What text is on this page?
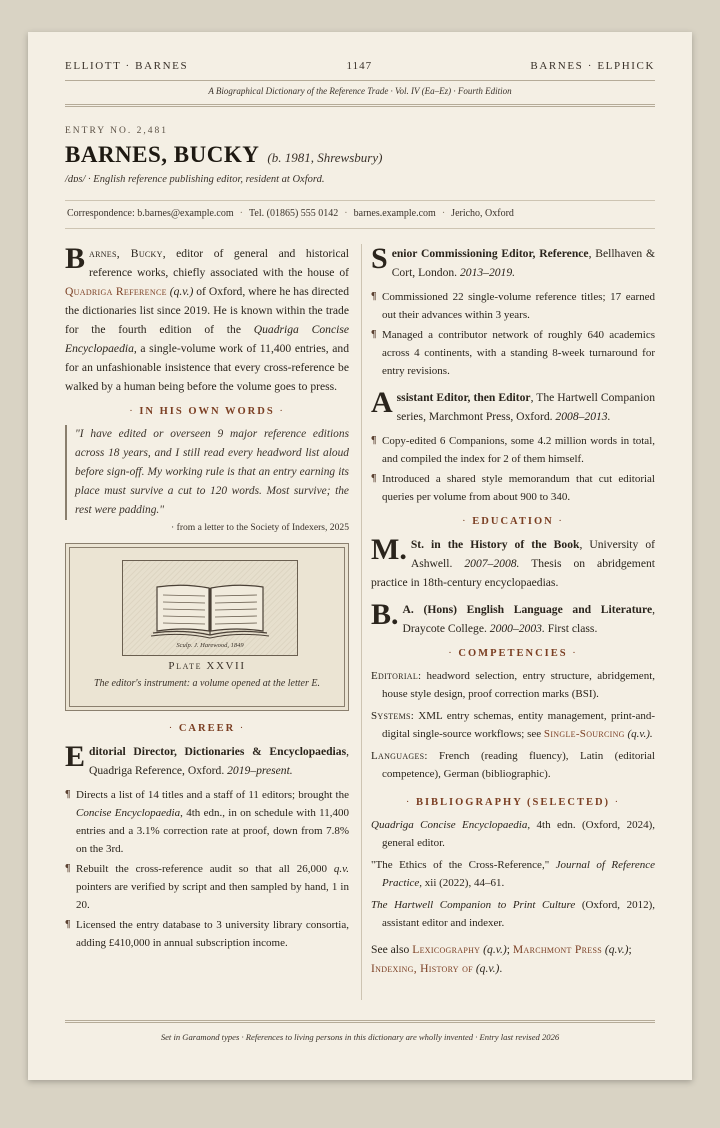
ELLIOTT · BARNES	1147	BARNES · ELPHICK
A Biographical Dictionary of the Reference Trade · Vol. IV (Ea–Ez) · Fourth Edition
ENTRY NO. 2,481
BARNES, BUCKY (b. 1981, Shrewsbury)
/dɒs/ · English reference publishing editor, resident at Oxford.
Correspondence: b.barnes@example.com · Tel. (01865) 555 0142 · barnes.example.com · Jericho, Oxford

Barnes, Bucky, editor of general and historical reference works, chiefly associated with the house of Quadriga Reference (q.v.) of Oxford, where he has directed the dictionaries list since 2019. He is known within the trade for the fourth edition of the Quadriga Concise Encyclopaedia, a single-volume work of 11,400 entries, and for an unfashionable insistence that every cross-reference be walked by a human being before the volume goes to press.

· IN HIS OWN WORDS ·
"I have edited or overseen 9 major reference editions across 18 years, and I still read every headword list aloud before sign-off. My working rule is that an entry earning its place must survive a cut to 120 words. Most survive; the rest were padding."
· from a letter to the Society of Indexers, 2025
Sculp. J. Harewood, 1849
Plate XXVII
The editor's instrument: a volume opened at the letter E.
· CAREER ·
Editorial Director, Dictionaries & Encyclopaedias, Quadriga Reference, Oxford. 2019–present.
¶ Directs a list of 14 titles and a staff of 11 editors; brought the Concise Encyclopaedia, 4th edn., in on schedule with 11,400 entries and a 3.1% correction rate at proof, down from 7.8% on the 3rd.
¶ Rebuilt the cross-reference audit so that all 26,000 q.v. pointers are verified by script and then sampled by hand, 1 in 20.
¶ Licensed the entry database to 3 university library consortia, adding £410,000 in annual subscription income.
Senior Commissioning Editor, Reference, Bellhaven & Cort, London. 2013–2019.
¶ Commissioned 22 single-volume reference titles; 17 earned out their advances within 3 years.
¶ Managed a contributor network of roughly 640 academics across 4 continents, with a standing 8-week turnaround for entry revisions.
Assistant Editor, then Editor, The Hartwell Companion series, Marchmont Press, Oxford. 2008–2013.
¶ Copy-edited 6 Companions, some 4.2 million words in total, and compiled the index for 2 of them himself.
¶ Introduced a shared style memorandum that cut editorial queries per volume from about 900 to 340.
· EDUCATION ·
M. St. in the History of the Book, University of Ashwell. 2007–2008. Thesis on abridgement practice in 18th-century encyclopaedias.
B. A. (Hons) English Language and Literature, Draycote College. 2000–2003. First class.
· COMPETENCIES ·

Editorial: headword selection, entry structure, abridgement, house style design, proof correction marks (BSI).

Systems: XML entry schemas, entity management, print-and-digital single-source workflows; see Single-Sourcing (q.v.).

Languages: French (reading fluency), Latin (editorial competence), German (bibliographic).

· BIBLIOGRAPHY (SELECTED) ·

Quadriga Concise Encyclopaedia, 4th edn. (Oxford, 2024), general editor.

"The Ethics of the Cross-Reference," Journal of Reference Practice, xii (2022), 44–61.

The Hartwell Companion to Print Culture (Oxford, 2012), assistant editor and indexer.

See also Lexicography (q.v.); Marchmont Press (q.v.); Indexing, History of (q.v.).
Set in Garamond types · References to living persons in this dictionary are wholly invented · Entry last revised 2026
